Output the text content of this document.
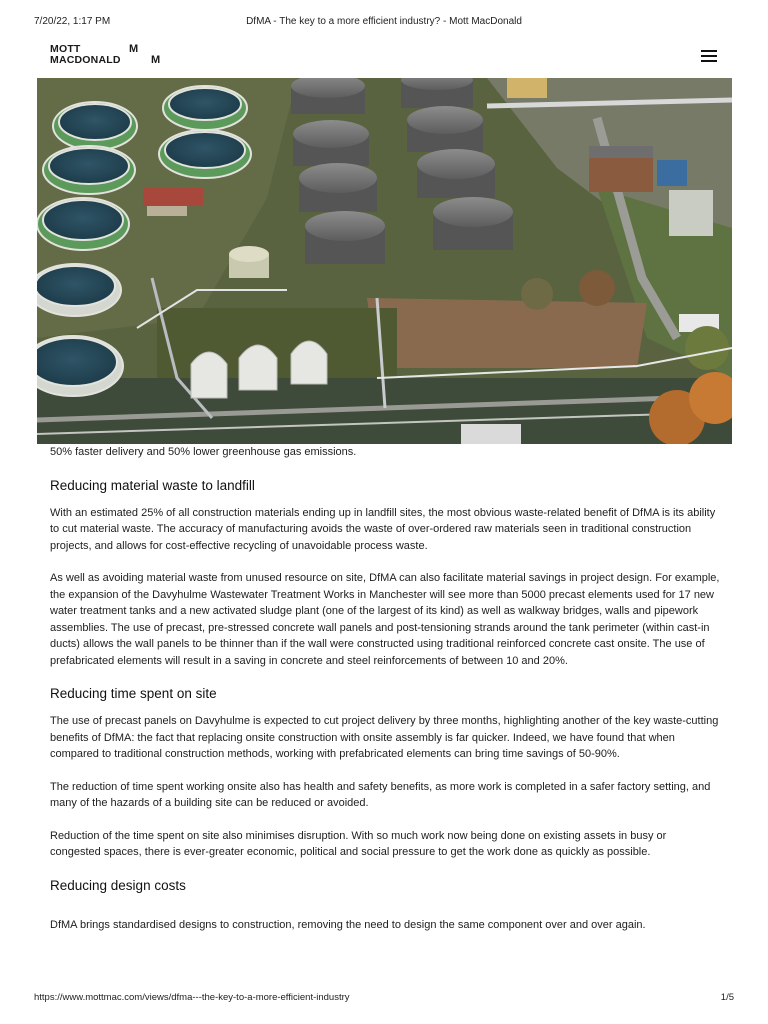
7/20/22, 1:17 PM	DfMA - The key to a more efficient industry? - Mott MacDonald
MOTT
MACDONALD
M
M

50% faster delivery and 50% lower greenhouse gas emissions.

Reducing material waste to landfill

With an estimated 25% of all construction materials ending up in landfill sites, the most obvious waste-related benefit of DfMA is its ability to cut material waste. The accuracy of manufacturing avoids the waste of over-ordered raw materials seen in traditional construction projects, and allows for cost-effective recycling of unavoidable process waste.

As well as avoiding material waste from unused resource on site, DfMA can also facilitate material savings in project design. For example, the expansion of the Davyhulme Wastewater Treatment Works in Manchester will see more than 5000 precast elements used for 17 new water treatment tanks and a new activated sludge plant (one of the largest of its kind) as well as walkway bridges, walls and pipework assemblies. The use of precast, pre-stressed concrete wall panels and post-tensioning strands around the tank perimeter (within cast-in ducts) allows the wall panels to be thinner than if the wall were constructed using traditional reinforced concrete cast onsite. The use of prefabricated elements will result in a saving in concrete and steel reinforcements of between 10 and 20%.

Reducing time spent on site

The use of precast panels on Davyhulme is expected to cut project delivery by three months, highlighting another of the key waste-cutting benefits of DfMA: the fact that replacing onsite construction with onsite assembly is far quicker. Indeed, we have found that when compared to traditional construction methods, working with prefabricated elements can bring time savings of 50-90%.

The reduction of time spent working onsite also has health and safety benefits, as more work is completed in a safer factory setting, and many of the hazards of a building site can be reduced or avoided.

Reduction of the time spent on site also minimises disruption. With so much work now being done on existing assets in busy or congested spaces, there is ever-greater economic, political and social pressure to get the work done as quickly as possible.

Reducing design costs

DfMA brings standardised designs to construction, removing the need to design the same component over and over again.

https://www.mottmac.com/views/dfma---the-key-to-a-more-efficient-industry	1/5
